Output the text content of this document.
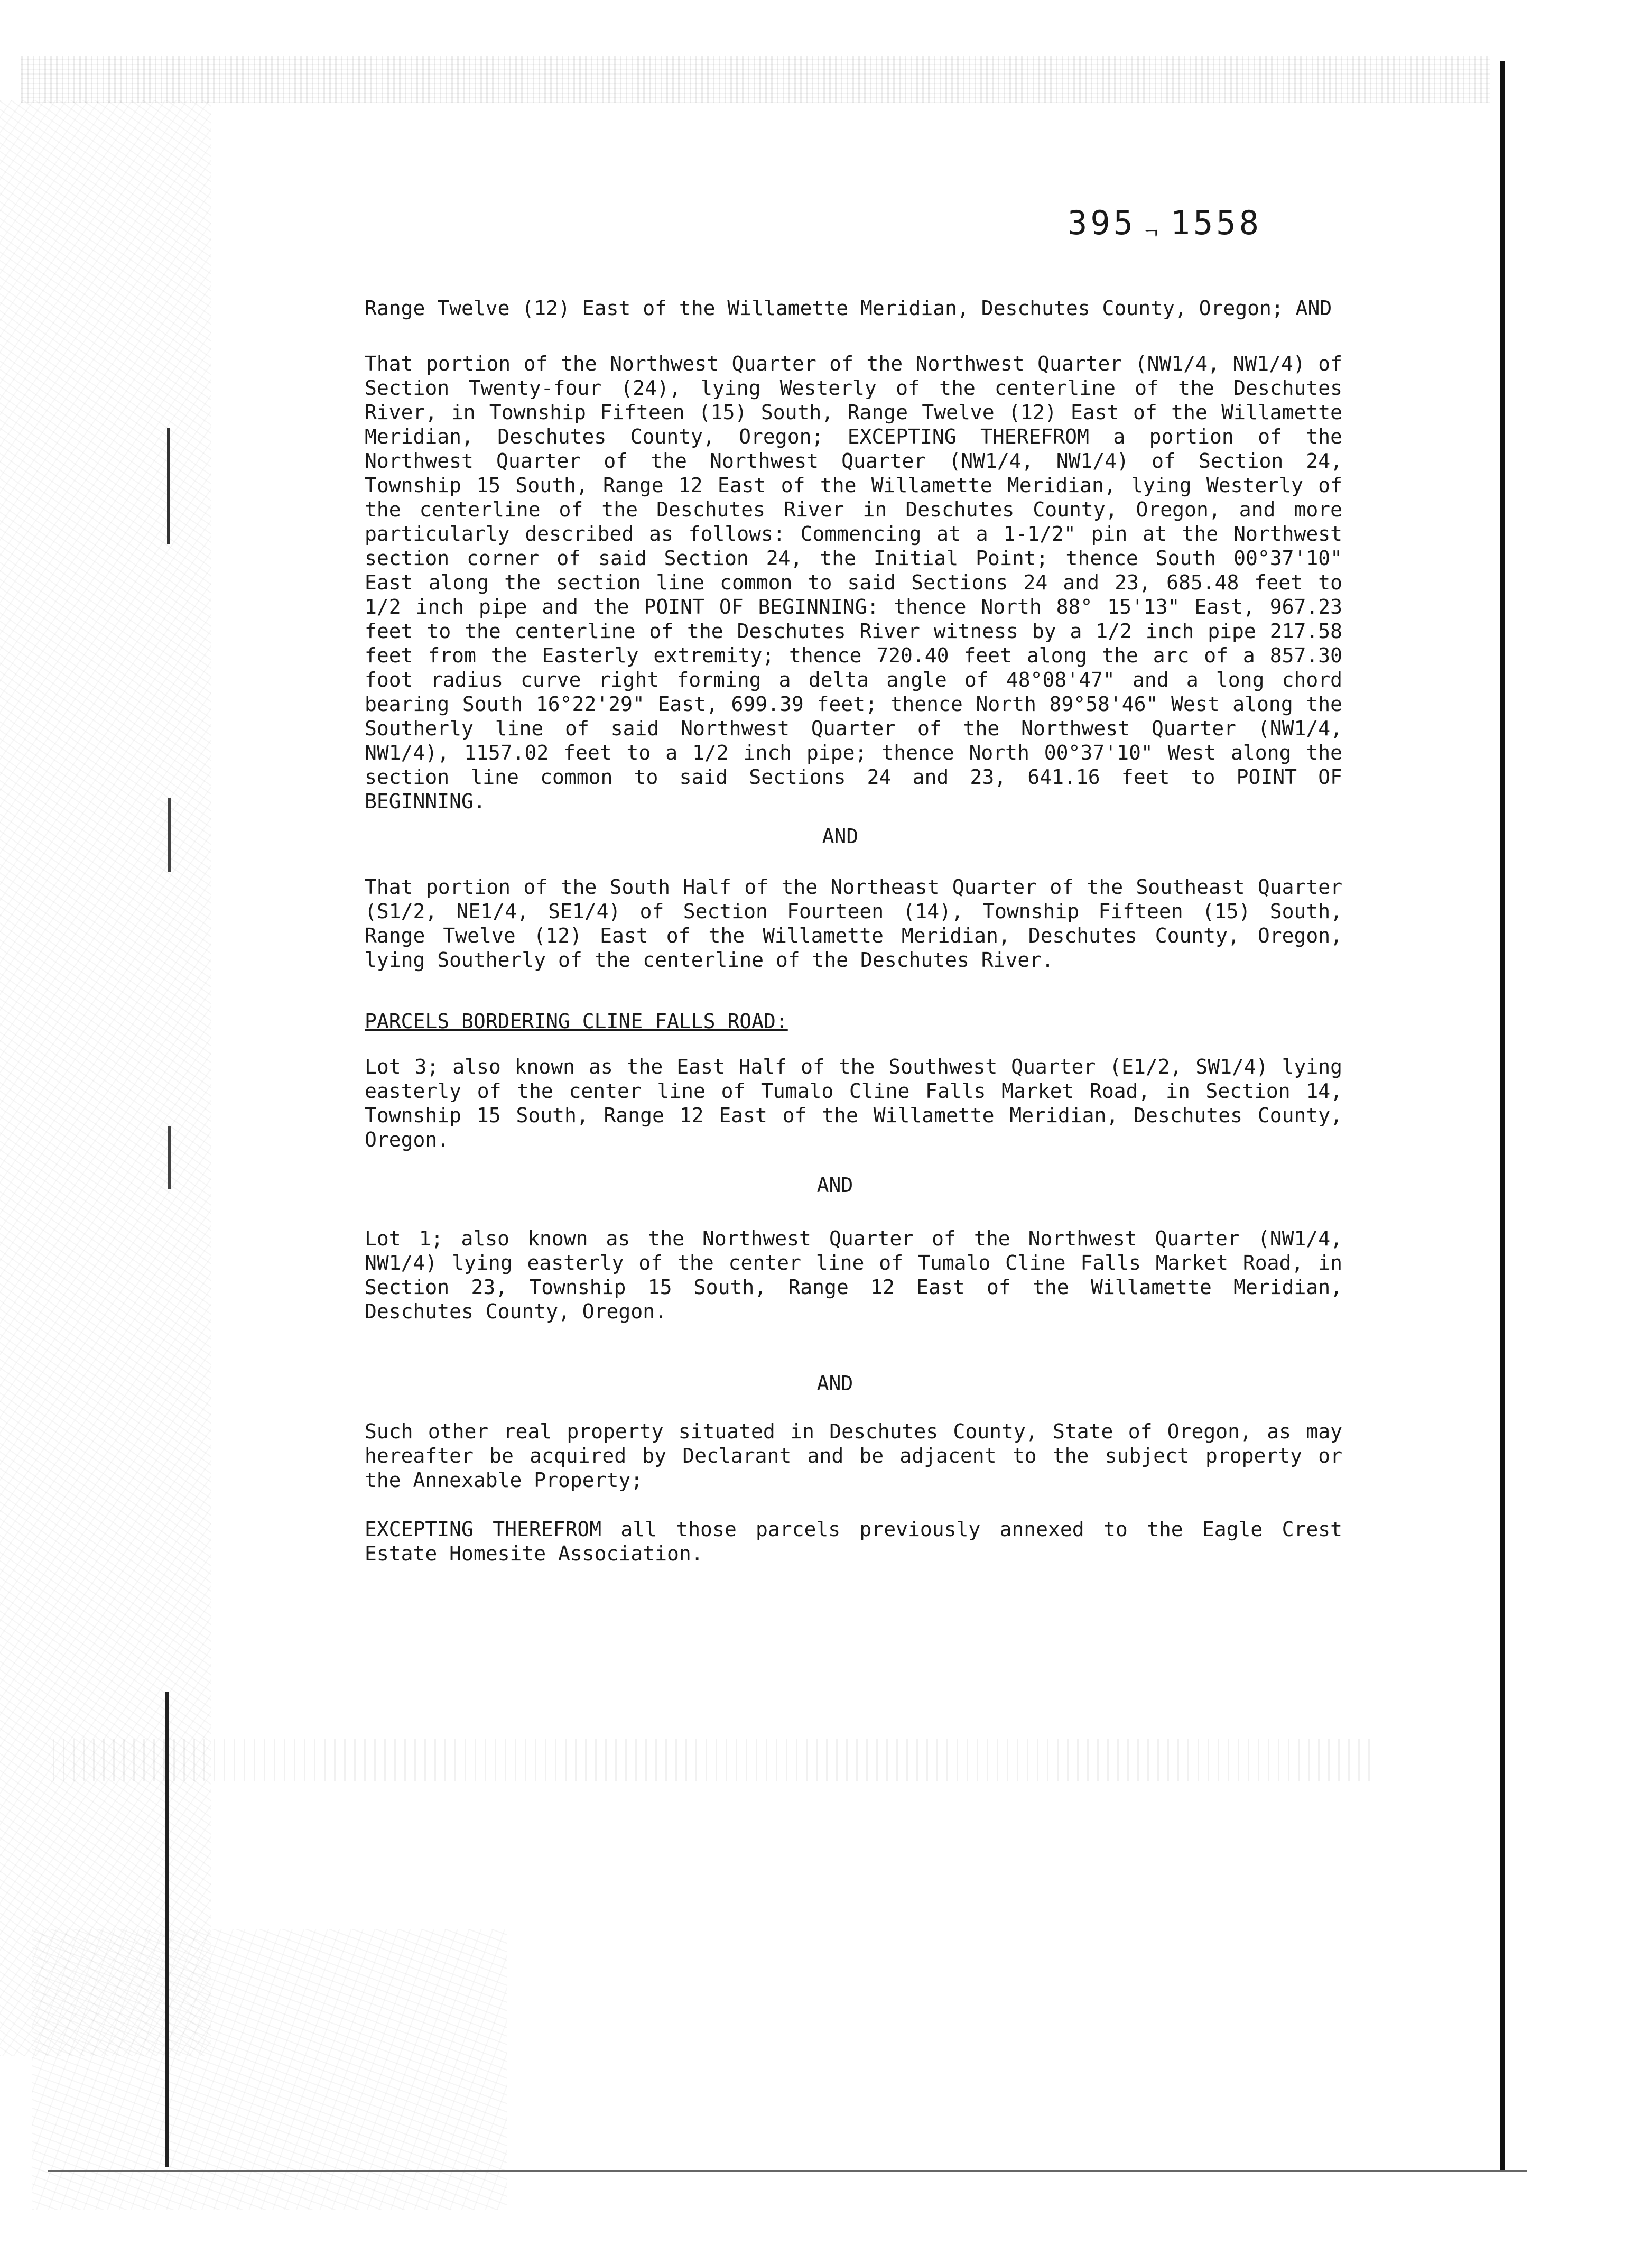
395 ᆨ 1558
Range Twelve (12) East of the Willamette Meridian, Deschutes County, Oregon; AND
That portion of the Northwest Quarter of the Northwest Quarter (NW1/4, NW1/4) of Section Twenty-four (24), lying Westerly of the centerline of the Deschutes River, in Township Fifteen (15) South, Range Twelve (12) East of the Willamette Meridian, Deschutes County, Oregon; EXCEPTING THEREFROM a portion of the Northwest Quarter of the Northwest Quarter (NW1/4, NW1/4) of Section 24, Township 15 South, Range 12 East of the Willamette Meridian, lying Westerly of the centerline of the Deschutes River in Deschutes County, Oregon, and more particularly described as follows: Commencing at a 1-1/2" pin at the Northwest section corner of said Section 24, the Initial Point; thence South 00°37'10" East along the section line common to said Sections 24 and 23, 685.48 feet to 1/2 inch pipe and the POINT OF BEGINNING: thence North 88° 15'13" East, 967.23 feet to the centerline of the Deschutes River witness by a 1/2 inch pipe 217.58 feet from the Easterly extremity; thence 720.40 feet along the arc of a 857.30 foot radius curve right forming a delta angle of 48°08'47" and a long chord bearing South 16°22'29" East, 699.39 feet; thence North 89°58'46" West along the Southerly line of said Northwest Quarter of the Northwest Quarter (NW1/4, NW1/4), 1157.02 feet to a 1/2 inch pipe; thence North 00°37'10" West along the section line common to said Sections 24 and 23, 641.16 feet to POINT OF BEGINNING.
AND
That portion of the South Half of the Northeast Quarter of the Southeast Quarter (S1/2, NE1/4, SE1/4) of Section Fourteen (14), Township Fifteen (15) South, Range Twelve (12) East of the Willamette Meridian, Deschutes County, Oregon, lying Southerly of the centerline of the Deschutes River.
PARCELS BORDERING CLINE FALLS ROAD:
Lot 3; also known as the East Half of the Southwest Quarter (E1/2, SW1/4) lying easterly of the center line of Tumalo Cline Falls Market Road, in Section 14, Township 15 South, Range 12 East of the Willamette Meridian, Deschutes County, Oregon.
AND
Lot 1; also known as the Northwest Quarter of the Northwest Quarter (NW1/4, NW1/4) lying easterly of the center line of Tumalo Cline Falls Market Road, in Section 23, Township 15 South, Range 12 East of the Willamette Meridian, Deschutes County, Oregon.
AND
Such other real property situated in Deschutes County, State of Oregon, as may hereafter be acquired by Declarant and be adjacent to the subject property or the Annexable Property;
EXCEPTING THEREFROM all those parcels previously annexed to the Eagle Crest Estate Homesite Association.
